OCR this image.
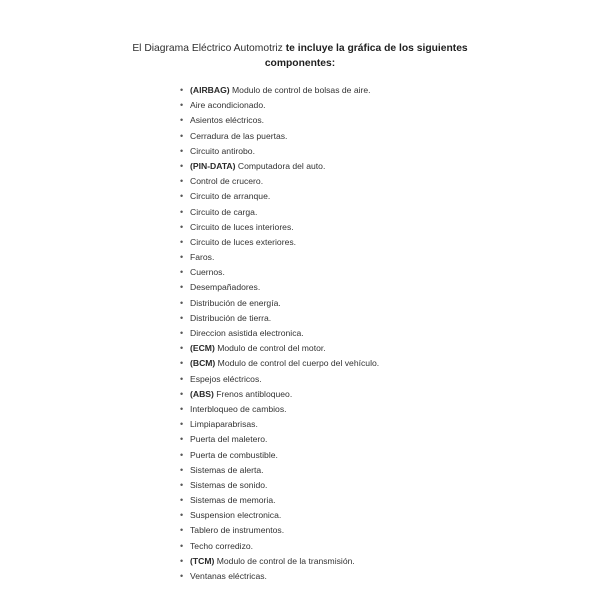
El Diagrama Eléctrico Automotriz te incluye la gráfica de los siguientes
componentes:
• (AIRBAG) Modulo de control de bolsas de aire.
• Aire acondicionado.
• Asientos eléctricos.
• Cerradura de las puertas.
• Circuito antirobo.
• (PIN-DATA) Computadora del auto.
• Control de crucero.
• Circuito de arranque.
• Circuito de carga.
• Circuito de luces interiores.
• Circuito de luces exteriores.
• Faros.
• Cuernos.
• Desempañadores.
• Distribución de energía.
• Distribución de tierra.
• Direccion asistida electronica.
• (ECM) Modulo de control del motor.
• (BCM) Modulo de control del cuerpo del vehículo.
• Espejos eléctricos.
• (ABS) Frenos antibloqueo.
• Interbloqueo de cambios.
• Limpiaparabrisas.
• Puerta del maletero.
• Puerta de combustible.
• Sistemas de alerta.
• Sistemas de sonido.
• Sistemas de memoria.
• Suspension electronica.
• Tablero de instrumentos.
• Techo corredizo.
• (TCM) Modulo de control de la transmisión.
• Ventanas eléctricas.
